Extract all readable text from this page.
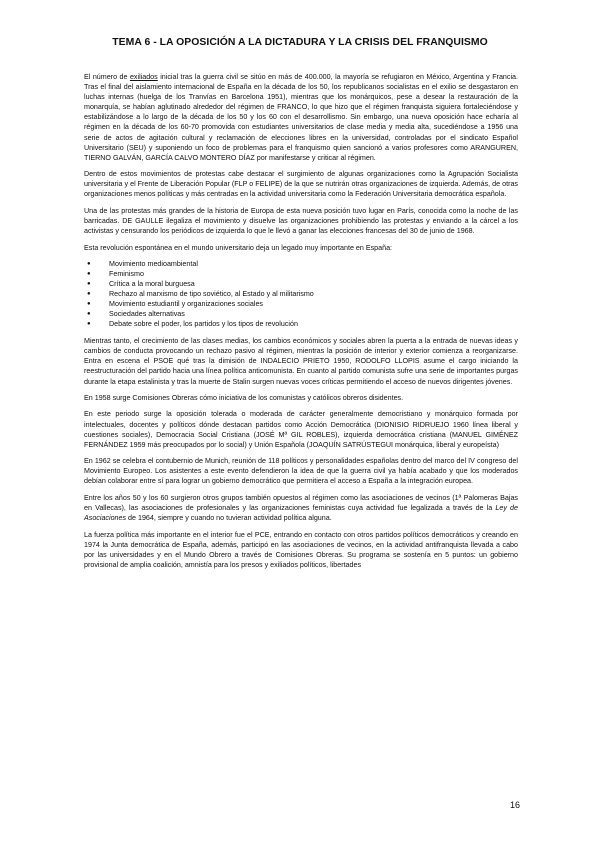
TEMA 6 - LA OPOSICIÓN A LA DICTADURA Y LA CRISIS DEL FRANQUISMO

El número de exiliados inicial tras la guerra civil se sitúo en más de 400.000, la mayoría se refugiaron en México, Argentina y Francia. Tras el final del aislamiento internacional de España en la década de los 50, los republicanos socialistas en el exilio se desgastaron en luchas internas (huelga de los Tranvías en Barcelona 1951), mientras que los monárquicos, pese a desear la restauración de la monarquía, se habían aglutinado alrededor del régimen de FRANCO, lo que hizo que el régimen franquista siguiera fortaleciéndose y estabilizándose a lo largo de la década de los 50 y los 60 con el desarrollismo. Sin embargo, una nueva oposición hace echaría al régimen en la década de los 60-70 promovida con estudiantes universitarios de clase media y media alta, sucediéndose a 1956 una serie de actos de agitación cultural y reclamación de elecciones libres en la universidad, controladas por el sindicato Español Universitario (SEU) y suponiendo un foco de problemas para el franquismo quien sancionó a varios profesores como ARANGUREN, TIERNO GALVÁN, GARCÍA CALVO MONTERO DÍAZ por manifestarse y criticar al régimen.

Dentro de estos movimientos de protestas cabe destacar el surgimiento de algunas organizaciones como la Agrupación Socialista universitaria y el Frente de Liberación Popular (FLP o FELIPE) de la que se nutrirán otras organizaciones de izquierda. Además, de otras organizaciones menos políticas y más centradas en la actividad universitaria como la Federación Universitaria democrática española.

Una de las protestas más grandes de la historia de Europa de esta nueva posición tuvo lugar en París, conocida como la noche de las barricadas. DE GAULLE ilegaliza el movimiento y disuelve las organizaciones prohibiendo las protestas y enviando a la cárcel a los activistas y censurando los periódicos de izquierda lo que le llevó a ganar las elecciones francesas del 30 de junio de 1968.

Esta revolución espontánea en el mundo universitario deja un legado muy importante en España:

● Movimiento medioambiental
● Feminismo
● Crítica a la moral burguesa
● Rechazo al marxismo de tipo soviético, al Estado y al militarismo
● Movimiento estudiantil y organizaciones sociales
● Sociedades alternativas
● Debate sobre el poder, los partidos y los tipos de revolución

Mientras tanto, el crecimiento de las clases medias, los cambios económicos y sociales abren la puerta a la entrada de nuevas ideas y cambios de conducta provocando un rechazo pasivo al régimen, mientras la posición de interior y exterior comienza a reorganizarse. Entra en escena el PSOE qué tras la dimisión de INDALECIO PRIETO 1950, RODOLFO LLOPIS asume el cargo iniciando la reestructuración del partido hacia una línea política anticomunista. En cuanto al partido comunista sufre una serie de importantes purgas durante la etapa estalinista y tras la muerte de Stalin surgen nuevas voces críticas permitiendo el acceso de nuevos dirigentes jóvenes.

En 1958 surge Comisiones Obreras cómo iniciativa de los comunistas y católicos obreros disidentes.

En este periodo surge la oposición tolerada o moderada de carácter generalmente democristiano y monárquico formada por intelectuales, docentes y políticos dónde destacan partidos como Acción Democrática (DIONISIO RIDRUEJO 1960 línea liberal y cuestiones sociales), Democracia Social Cristiana (JOSÉ Mª GIL ROBLES), izquierda democrática cristiana (MANUEL GIMÉNEZ FERNÁNDEZ 1959 más preocupados por lo social) y Unión Española (JOAQUÍN SATRÚSTEGUI monárquica, liberal y europeísta)

En 1962 se celebra el contubernio de Munich, reunión de 118 políticos y personalidades españolas dentro del marco del IV congreso del Movimiento Europeo. Los asistentes a este evento defendieron la idea de que la guerra civil ya había acabado y que los moderados debían colaborar entre sí para lograr un gobierno democrático que permitiera el acceso a España a la integración europea.

Entre los años 50 y los 60 surgieron otros grupos también opuestos al régimen como las asociaciones de vecinos (1ª Palomeras Bajas en Vallecas), las asociaciones de profesionales y las organizaciones feministas cuya actividad fue legalizada a través de la Ley de Asociaciones de 1964, siempre y cuando no tuvieran actividad política alguna.

La fuerza política más importante en el interior fue el PCE, entrando en contacto con otros partidos políticos democráticos y creando en 1974 la Junta democrática de España, además, participó en las asociaciones de vecinos, en la actividad antifranquista llevada a cabo por las universidades y en el Mundo Obrero a través de Comisiones Obreras. Su programa se sostenía en 5 puntos: un gobierno provisional de amplia coalición, amnistía para los presos y exiliados políticos, libertades

16
